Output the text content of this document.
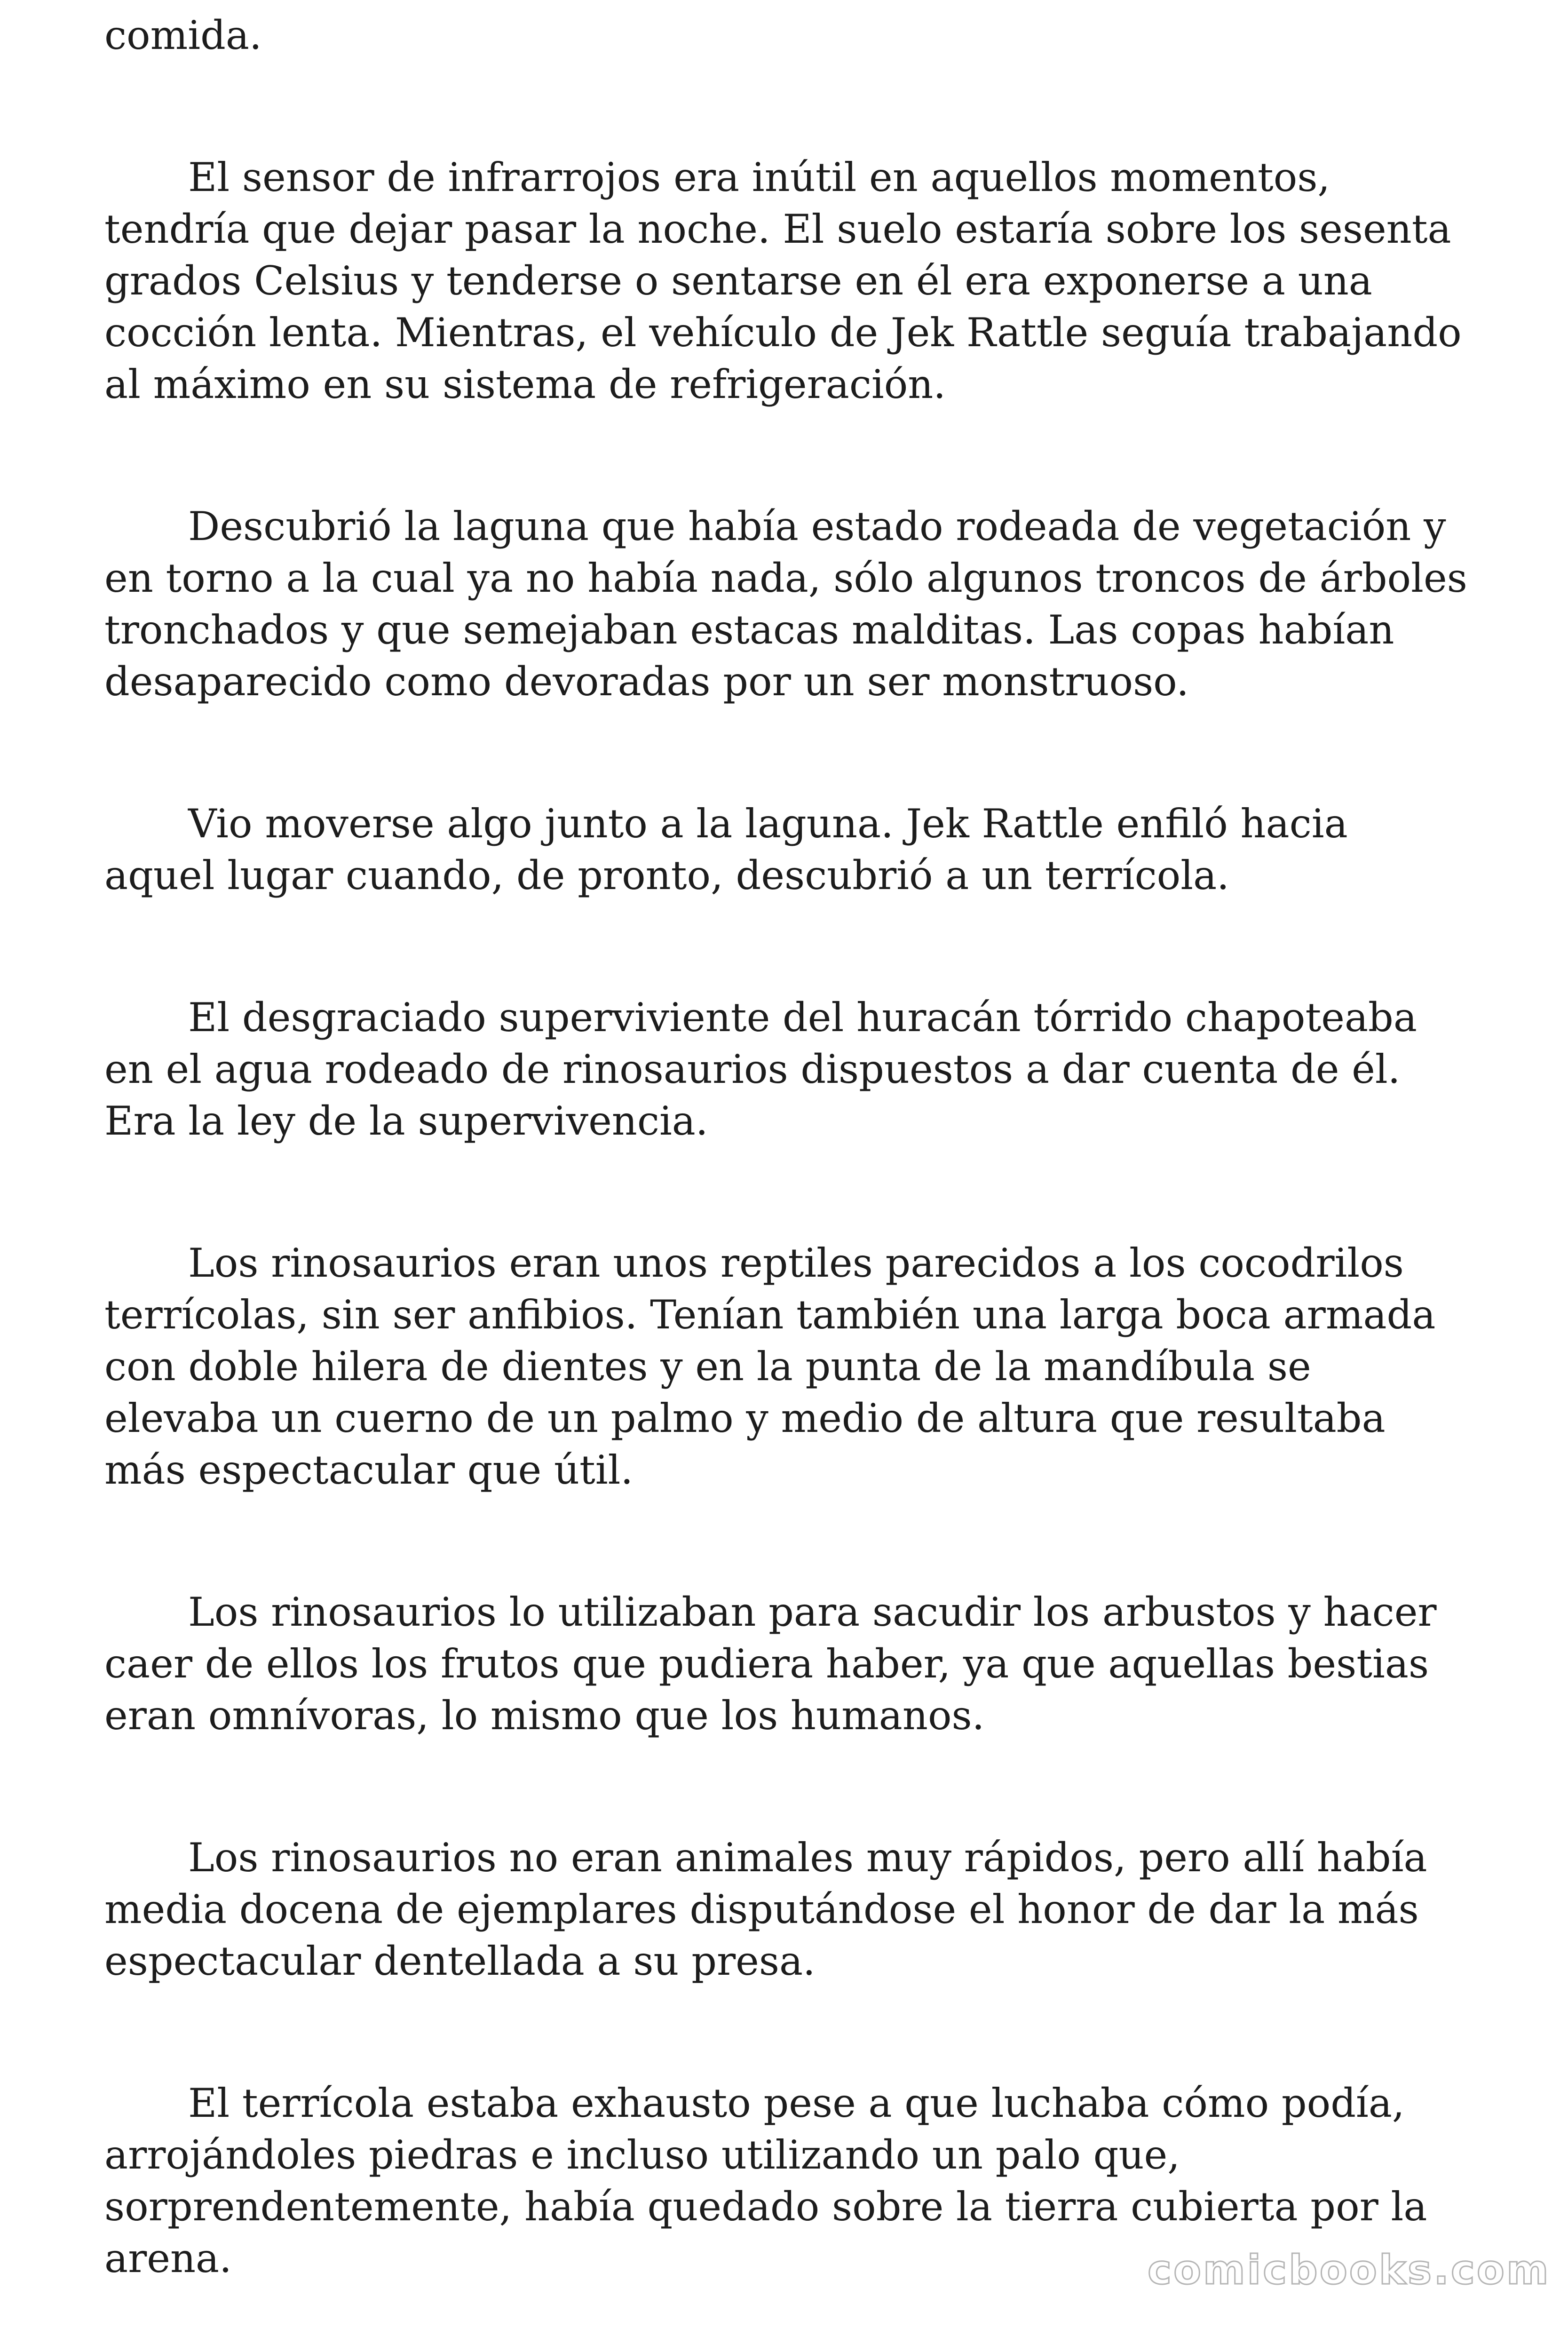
comida.

El sensor de infrarrojos era inútil en aquellos momentos, tendría que dejar pasar la noche. El suelo estaría sobre los sesenta grados Celsius y tenderse o sentarse en él era exponerse a una cocción lenta. Mientras, el vehículo de Jek Rattle seguía trabajando al máximo en su sistema de refrigeración.

Descubrió la laguna que había estado rodeada de vegetación y en torno a la cual ya no había nada, sólo algunos troncos de árboles tronchados y que semejaban estacas malditas. Las copas habían desaparecido como devoradas por un ser monstruoso.

Vio moverse algo junto a la laguna. Jek Rattle enfiló hacia aquel lugar cuando, de pronto, descubrió a un terrícola.

El desgraciado superviviente del huracán tórrido chapoteaba en el agua rodeado de rinosaurios dispuestos a dar cuenta de él. Era la ley de la supervivencia.

Los rinosaurios eran unos reptiles parecidos a los cocodrilos terrícolas, sin ser anfibios. Tenían también una larga boca armada con doble hilera de dientes y en la punta de la mandíbula se elevaba un cuerno de un palmo y medio de altura que resultaba más espectacular que útil.

Los rinosaurios lo utilizaban para sacudir los arbustos y hacer caer de ellos los frutos que pudiera haber, ya que aquellas bestias eran omnívoras, lo mismo que los humanos.

Los rinosaurios no eran animales muy rápidos, pero allí había media docena de ejemplares disputándose el honor de dar la más espectacular dentellada a su presa.

El terrícola estaba exhausto pese a que luchaba cómo podía, arrojándoles piedras e incluso utilizando un palo que, sorprendentemente, había quedado sobre la tierra cubierta por la arena.	comicbooks.com
